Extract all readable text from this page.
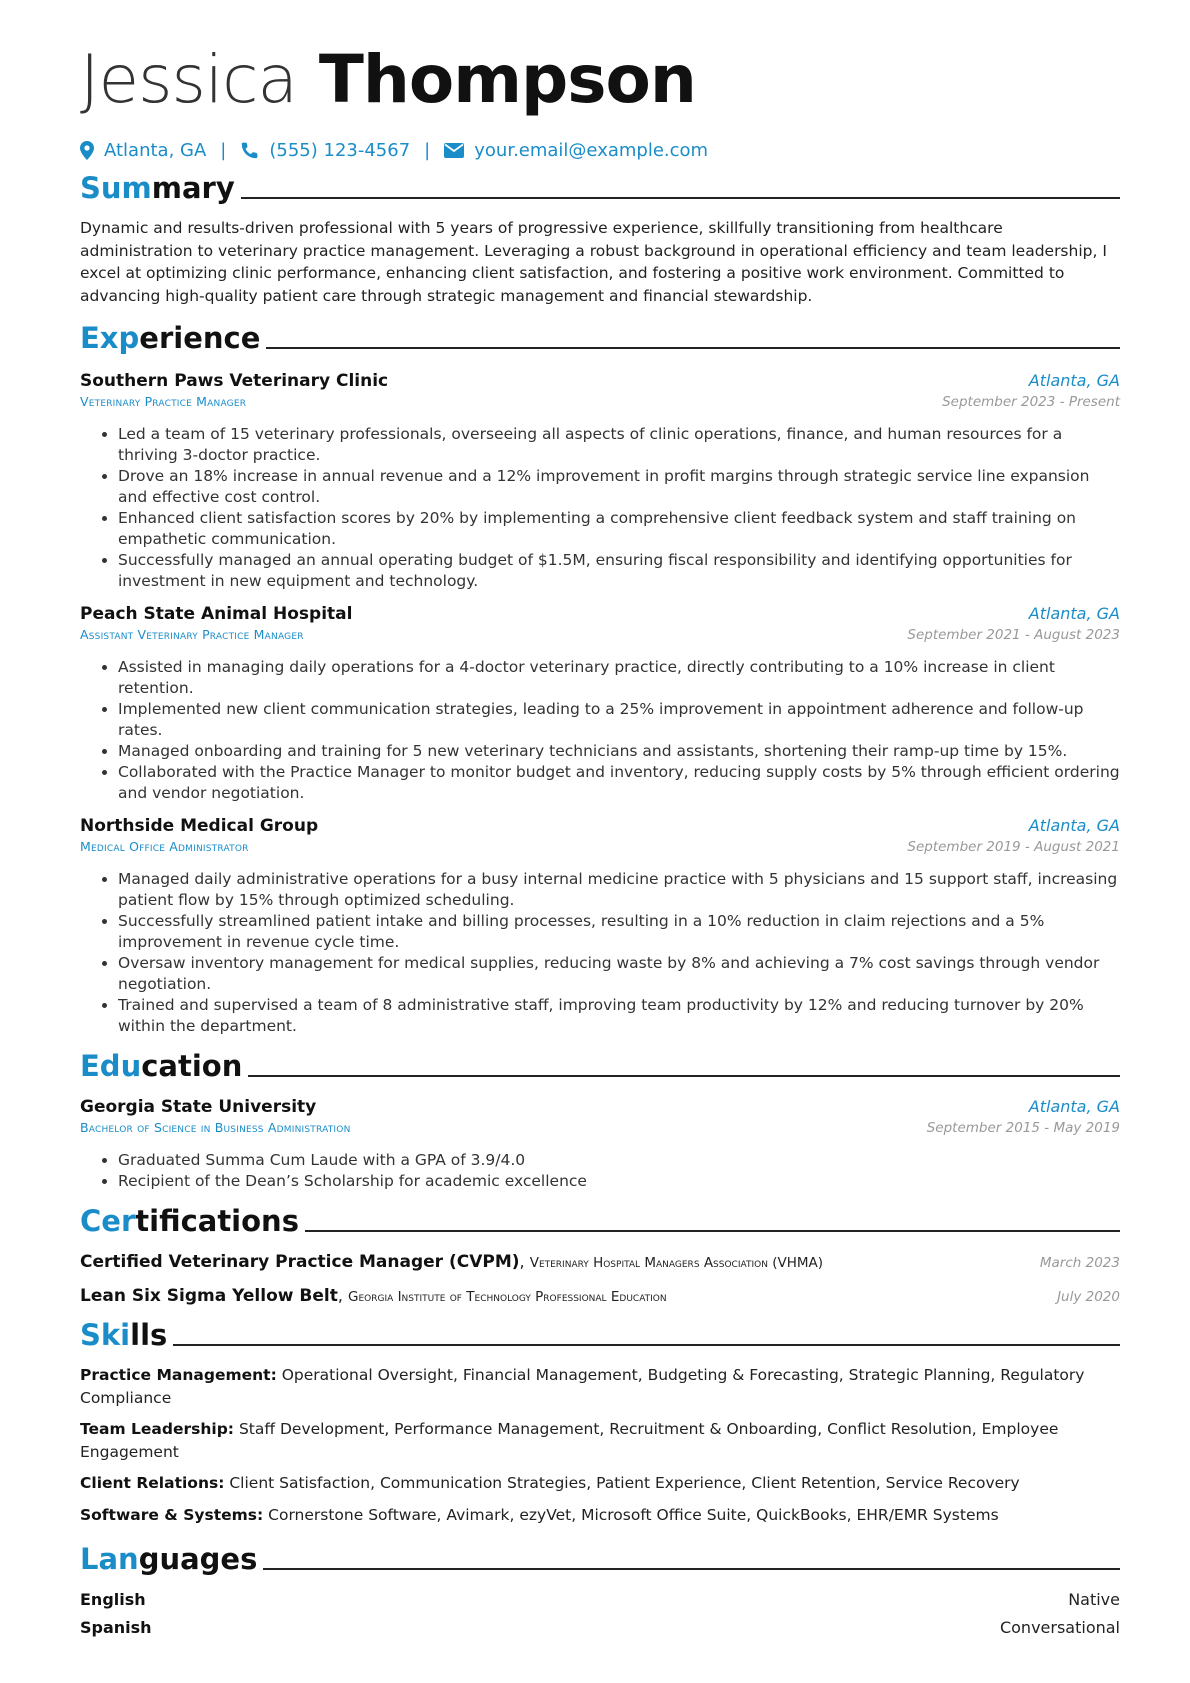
Jessica Thompson
Atlanta, GA | (555) 123-4567 | your.email@example.com
Summary

Dynamic and results-driven professional with 5 years of progressive experience, skillfully transitioning from healthcare administration to veterinary practice management. Leveraging a robust background in operational efficiency and team leadership, I excel at optimizing clinic performance, enhancing client satisfaction, and fostering a positive work environment. Committed to advancing high-quality patient care through strategic management and financial stewardship.

Experience
Southern Paws Veterinary Clinic	Atlanta, GA
Veterinary Practice Manager	September 2023 - Present
• Led a team of 15 veterinary professionals, overseeing all aspects of clinic operations, finance, and human resources for a thriving 3-doctor practice.
• Drove an 18% increase in annual revenue and a 12% improvement in profit margins through strategic service line expansion and effective cost control.
• Enhanced client satisfaction scores by 20% by implementing a comprehensive client feedback system and staff training on empathetic communication.
• Successfully managed an annual operating budget of $1.5M, ensuring fiscal responsibility and identifying opportunities for investment in new equipment and technology.
Peach State Animal Hospital	Atlanta, GA
Assistant Veterinary Practice Manager	September 2021 - August 2023
• Assisted in managing daily operations for a 4-doctor veterinary practice, directly contributing to a 10% increase in client retention.
• Implemented new client communication strategies, leading to a 25% improvement in appointment adherence and follow-up rates.
• Managed onboarding and training for 5 new veterinary technicians and assistants, shortening their ramp-up time by 15%.
• Collaborated with the Practice Manager to monitor budget and inventory, reducing supply costs by 5% through efficient ordering and vendor negotiation.
Northside Medical Group	Atlanta, GA
Medical Office Administrator	September 2019 - August 2021
• Managed daily administrative operations for a busy internal medicine practice with 5 physicians and 15 support staff, increasing patient flow by 15% through optimized scheduling.
• Successfully streamlined patient intake and billing processes, resulting in a 10% reduction in claim rejections and a 5% improvement in revenue cycle time.
• Oversaw inventory management for medical supplies, reducing waste by 8% and achieving a 7% cost savings through vendor negotiation.
• Trained and supervised a team of 8 administrative staff, improving team productivity by 12% and reducing turnover by 20% within the department.
Education
Georgia State University	Atlanta, GA
Bachelor of Science in Business Administration	September 2015 - May 2019
• Graduated Summa Cum Laude with a GPA of 3.9/4.0
• Recipient of the Dean’s Scholarship for academic excellence
Certifications
Certified Veterinary Practice Manager (CVPM), Veterinary Hospital Managers Association (VHMA)	March 2023
Lean Six Sigma Yellow Belt, Georgia Institute of Technology Professional Education	July 2020
Skills
Practice Management: Operational Oversight, Financial Management, Budgeting & Forecasting, Strategic Planning, Regulatory Compliance
Team Leadership: Staff Development, Performance Management, Recruitment & Onboarding, Conflict Resolution, Employee Engagement
Client Relations: Client Satisfaction, Communication Strategies, Patient Experience, Client Retention, Service Recovery
Software & Systems: Cornerstone Software, Avimark, ezyVet, Microsoft Office Suite, QuickBooks, EHR/EMR Systems
Languages
English	Native
Spanish	Conversational
